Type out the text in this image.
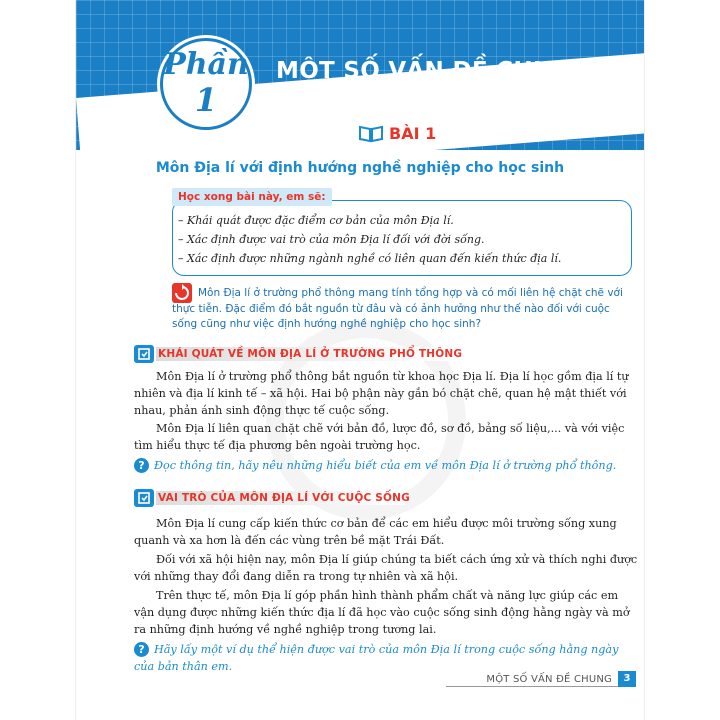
Phần
1
MỘT SỐ VẤN ĐỀ CHUNG
BÀI 1
Môn Địa lí với định hướng nghề nghiệp cho học sinh
– Khái quát được đặc điểm cơ bản của môn Địa lí.
– Xác định được vai trò của môn Địa lí đối với đời sống.
– Xác định được những ngành nghề có liên quan đến kiến thức địa lí.
Học xong bài này, em sẽ:
Môn Địa lí ở trường phổ thông mang tính tổng hợp và có mối liên hệ chặt chẽ với thực tiễn. Đặc điểm đó bắt nguồn từ đâu và có ảnh hưởng như thế nào đối với cuộc sống cũng như việc định hướng nghề nghiệp cho học sinh?
KHÁI QUÁT VỀ MÔN ĐỊA LÍ Ở TRƯỜNG PHỔ THÔNG
Môn Địa lí ở trường phổ thông bắt nguồn từ khoa học Địa lí. Địa lí học gồm địa lí tự nhiên và địa lí kinh tế – xã hội. Hai bộ phận này gắn bó chặt chẽ, quan hệ mật thiết với nhau, phản ánh sinh động thực tế cuộc sống.
Môn Địa lí liên quan chặt chẽ với bản đồ, lược đồ, sơ đồ, bảng số liệu,... và với việc tìm hiểu thực tế địa phương bên ngoài trường học.
? Đọc thông tin, hãy nêu những hiểu biết của em về môn Địa lí ở trường phổ thông.
VAI TRÒ CỦA MÔN ĐỊA LÍ VỚI CUỘC SỐNG
Môn Địa lí cung cấp kiến thức cơ bản để các em hiểu được môi trường sống xung quanh và xa hơn là đến các vùng trên bề mặt Trái Đất.
Đối với xã hội hiện nay, môn Địa lí giúp chúng ta biết cách ứng xử và thích nghi được với những thay đổi đang diễn ra trong tự nhiên và xã hội.
Trên thực tế, môn Địa lí góp phần hình thành phẩm chất và năng lực giúp các em vận dụng được những kiến thức địa lí đã học vào cuộc sống sinh động hằng ngày và mở ra những định hướng về nghề nghiệp trong tương lai.
? Hãy lấy một ví dụ thể hiện được vai trò của môn Địa lí trong cuộc sống hằng ngày của bản thân em.
MỘT SỐ VẤN ĐỀ CHUNG	3
